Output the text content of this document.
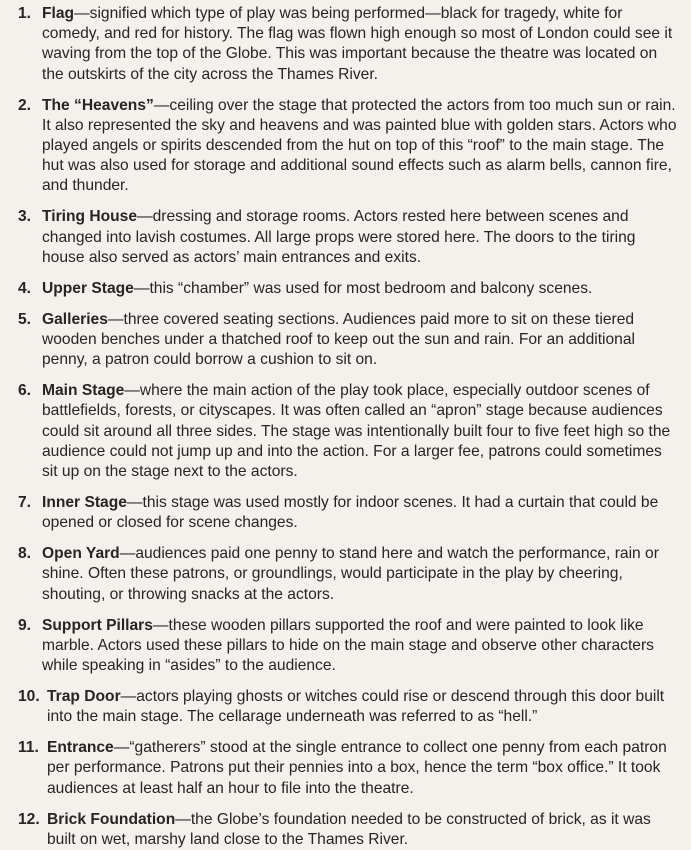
1. Flag—signified which type of play was being performed—black for tragedy, white for comedy, and red for history. The flag was flown high enough so most of London could see it waving from the top of the Globe. This was important because the theatre was located on the outskirts of the city across the Thames River.
2. The “Heavens”—ceiling over the stage that protected the actors from too much sun or rain. It also represented the sky and heavens and was painted blue with golden stars. Actors who played angels or spirits descended from the hut on top of this “roof” to the main stage. The hut was also used for storage and additional sound effects such as alarm bells, cannon fire, and thunder.
3. Tiring House—dressing and storage rooms. Actors rested here between scenes and changed into lavish costumes. All large props were stored here. The doors to the tiring house also served as actors’ main entrances and exits.
4. Upper Stage—this “chamber” was used for most bedroom and balcony scenes.
5. Galleries—three covered seating sections. Audiences paid more to sit on these tiered wooden benches under a thatched roof to keep out the sun and rain. For an additional penny, a patron could borrow a cushion to sit on.
6. Main Stage—where the main action of the play took place, especially outdoor scenes of battlefields, forests, or cityscapes. It was often called an “apron” stage because audiences could sit around all three sides. The stage was intentionally built four to five feet high so the audience could not jump up and into the action. For a larger fee, patrons could sometimes sit up on the stage next to the actors.
7. Inner Stage—this stage was used mostly for indoor scenes. It had a curtain that could be opened or closed for scene changes.
8. Open Yard—audiences paid one penny to stand here and watch the performance, rain or shine. Often these patrons, or groundlings, would participate in the play by cheering, shouting, or throwing snacks at the actors.
9. Support Pillars—these wooden pillars supported the roof and were painted to look like marble. Actors used these pillars to hide on the main stage and observe other characters while speaking in “asides” to the audience.
10. Trap Door—actors playing ghosts or witches could rise or descend through this door built into the main stage. The cellarage underneath was referred to as “hell.”
11. Entrance—“gatherers” stood at the single entrance to collect one penny from each patron per performance. Patrons put their pennies into a box, hence the term “box office.” It took audiences at least half an hour to file into the theatre.
12. Brick Foundation—the Globe’s foundation needed to be constructed of brick, as it was built on wet, marshy land close to the Thames River.
